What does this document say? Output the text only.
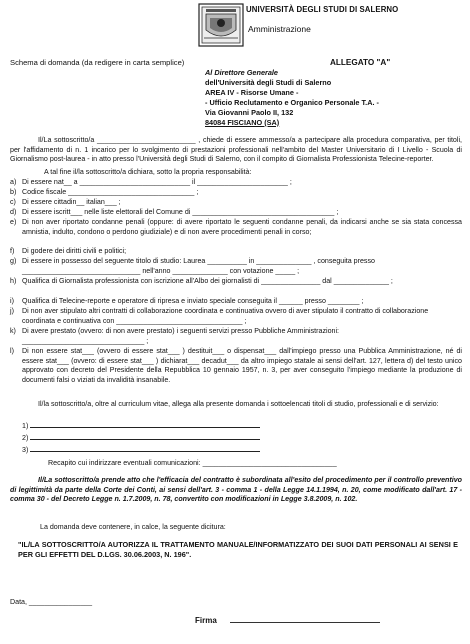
UNIVERSITÀ DEGLI STUDI DI SALERNO
Amministrazione
Schema di domanda (da redigere in carta semplice)	ALLEGATO "A"
Al Direttore Generale
dell'Università degli Studi di Salerno
AREA IV - Risorse Umane -
- Ufficio Reclutamento e Organico Personale T.A. -
Via Giovanni Paolo II, 132
84084 FISCIANO (SA)
Il/La sottoscritto/a _________________________ , chiede di essere ammesso/a a partecipare alla procedura comparativa, per titoli, per l'affidamento di n. 1 incarico per lo svolgimento di prestazioni professionali nell'ambito del Master Universitario di I Livello - Scuola di Giornalismo post-laurea - in atto presso l'Università degli Studi di Salerno, con il compito di Giornalista Professionista Telecine-reporter.
A tal fine il/la sottoscritto/a dichiara, sotto la propria responsabilità:
a) Di essere nat__ a ____________________________ il _______________________ ;
b) Codice fiscale ________________________________ ;
c) Di essere cittadin__ italian___ ;
d) Di essere iscritt___ nelle liste elettorali del Comune di ____________________________________ ;
e) Di non aver riportato condanne penali (oppure: di avere riportato le seguenti condanne penali, da indicarsi anche se sia stata concessa amnistia, indulto, condono o perdono giudiziale) e di non avere procedimenti penali in corso;
f) Di godere dei diritti civili e politici;
g) Di essere in possesso del seguente titolo di studio: Laurea __________ in ______________ , conseguita presso ______________________________ nell'anno ______________ con votazione _____ ;
h) Qualifica di Giornalista professionista con iscrizione all'Albo dei giornalisti di _______________ dal ______________ ;
i) Qualifica di Telecine-reporte e operatore di ripresa e inviato speciale conseguita il ______ presso ________ ;
j)	Di non aver stipulato altri contratti di collaborazione coordinata e continuativa ovvero di aver stipulato il contratto di collaborazione coordinata e continuativa con ________________________________ ;
k) Di avere prestato (ovvero: di non avere prestato) i seguenti servizi presso Pubbliche Amministrazioni: _______________________________ ;
l)	Di non essere stat___ (ovvero di essere stat___ ) destituit___ o dispensat___ dall'impiego presso una Pubblica Amministrazione, né di essere stat___ (ovvero: di essere stat___ ) dichiarat___ decadut___ da altro impiego statale ai sensi dell'art. 127, lettera d) del testo unico approvato con decreto del Presidente della Repubblica 10 gennaio 1957, n. 3, per aver conseguito l'impiego mediante la produzione di documenti falsi o viziati da invalidità insanabile.
Il/la sottoscritto/a, oltre al curriculum vitae, allega alla presente domanda i sottoelencati titoli di studio, professionali e di servizio:
1)
2)
3)
Recapito cui indirizzare eventuali comunicazioni: __________________________________
Il/La sottoscritto/a prende atto che l'efficacia del contratto è subordinata all'esito del procedimento per il controllo preventivo di legittimità da parte della Corte dei Conti, ai sensi dell'art. 3 - comma 1 - della Legge 14.1.1994, n. 20, come modificato dall'art. 17 - comma 30 - del Decreto Legge n. 1.7.2009, n. 78, convertito con modificazioni in Legge 3.8.2009, n. 102.
La domanda deve contenere, in calce, la seguente dicitura:
"IL/LA SOTTOSCRITTO/A AUTORIZZA IL TRATTAMENTO MANUALE/INFORMATIZZATO DEI SUOI DATI PERSONALI AI SENSI E PER GLI EFFETTI DEL D.LGS. 30.06.2003, N. 196".
Data, ________________
Firma
